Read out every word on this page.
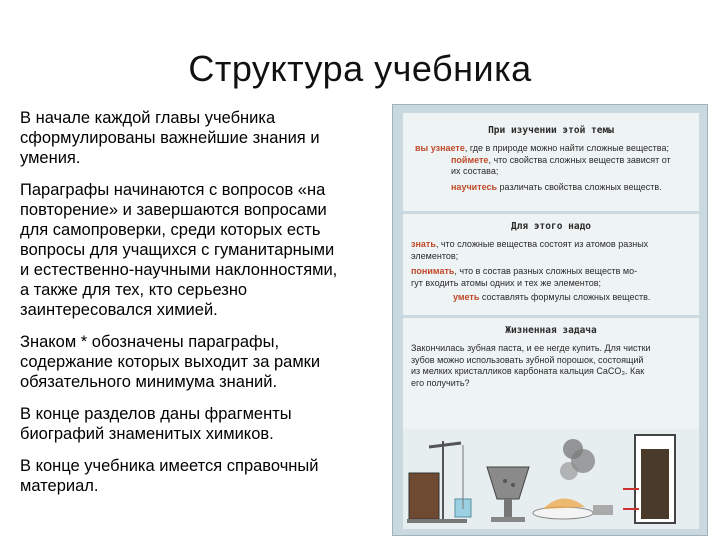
Структура учебника

В начале каждой главы учебника
сформулированы важнейшие знания и
умения.

Параграфы начинаются с вопросов «на
повторение» и завершаются вопросами
для самопроверки, среди которых есть
вопросы для учащихся с гуманитарными
и естественно-научными наклонностями,
а также для тех, кто серьезно
заинтересовался химией.

Знаком * обозначены параграфы,
содержание которых выходит за рамки
обязательного минимума знаний.

В конце разделов даны фрагменты
биографий знаменитых химиков.

В конце учебника имеется справочный
материал.

При изучении этой темы
вы узнаете, где в природе можно найти сложные вещества;
поймете, что свойства сложных веществ зависят от
их состава;
научитесь различать свойства сложных веществ.
Для этого надо
знать, что сложные вещества состоят из атомов разных
элементов;
понимать, что в состав разных сложных веществ мо-
гут входить атомы одних и тех же элементов;
уметь составлять формулы сложных веществ.
Жизненная задача
Закончилась зубная паста, и ее негде купить. Для чистки
зубов можно использовать зубной порошок, состоящий
из мелких кристалликов карбоната кальция CaCO₃. Как
его получить?
